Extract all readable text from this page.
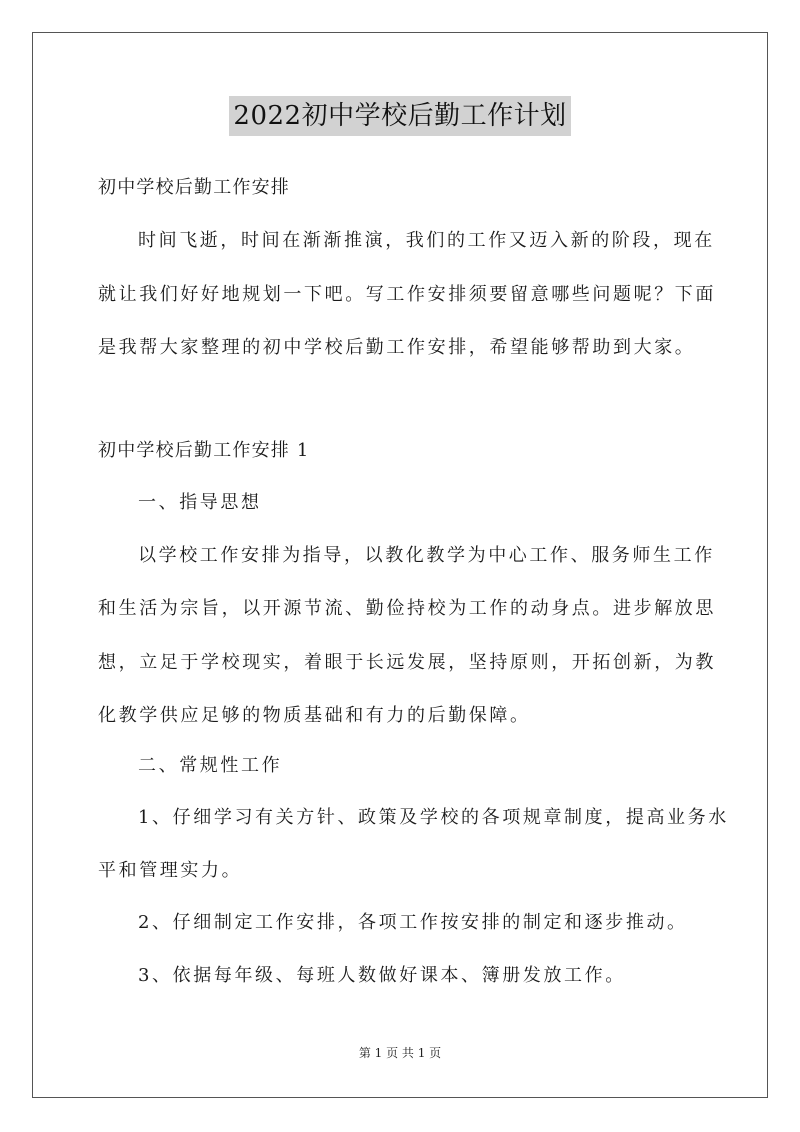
2022初中学校后勤工作计划
初中学校后勤工作安排
时间飞逝，时间在渐渐推演，我们的工作又迈入新的阶段，现在
就让我们好好地规划一下吧。写工作安排须要留意哪些问题呢？下面
是我帮大家整理的初中学校后勤工作安排，希望能够帮助到大家。
初中学校后勤工作安排 1
一、指导思想
以学校工作安排为指导，以教化教学为中心工作、服务师生工作
和生活为宗旨，以开源节流、勤俭持校为工作的动身点。进步解放思
想，立足于学校现实，着眼于长远发展，坚持原则，开拓创新，为教
化教学供应足够的物质基础和有力的后勤保障。
二、常规性工作
1、仔细学习有关方针、政策及学校的各项规章制度，提高业务水
平和管理实力。
2、仔细制定工作安排，各项工作按安排的制定和逐步推动。
3、依据每年级、每班人数做好课本、簿册发放工作。
第 1 页 共 1 页
